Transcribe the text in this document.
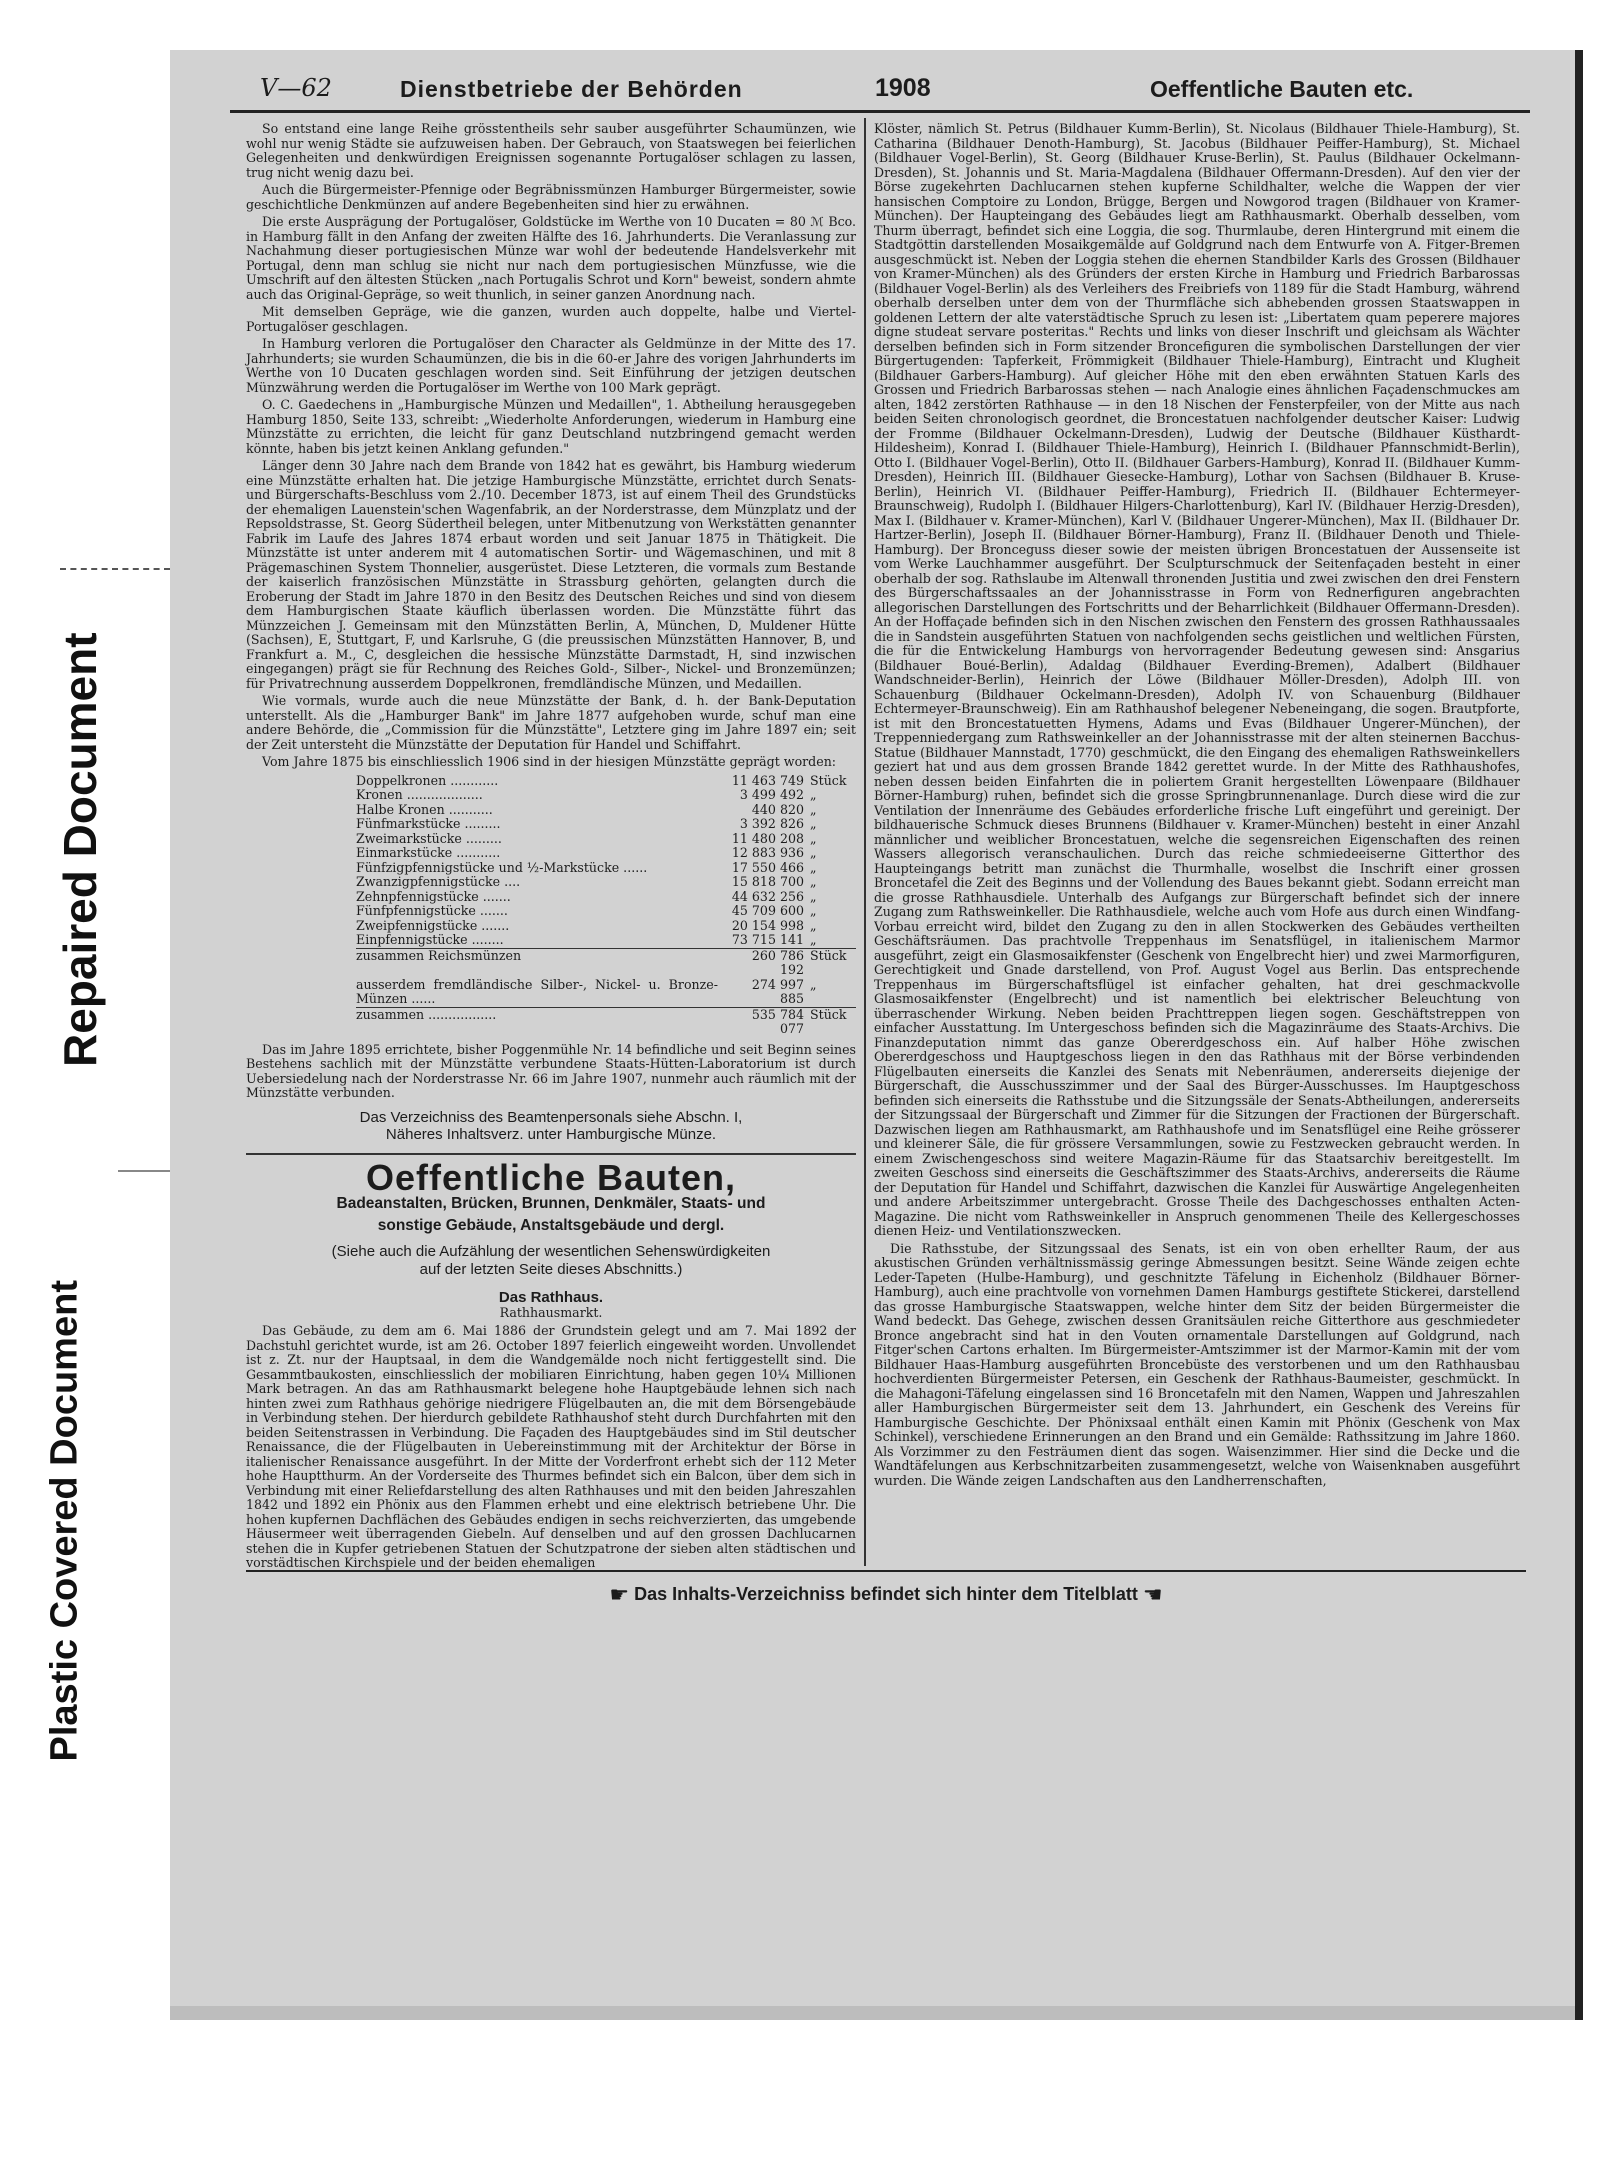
Repaired Document
Plastic Covered Document
V—62	Dienstbetriebe der Behörden	1908	Oeffentliche Bauten etc.

So entstand eine lange Reihe grösstentheils sehr sauber ausgeführter Schaumünzen, wie wohl nur wenig Städte sie aufzuweisen haben. Der Gebrauch, von Staatswegen bei feierlichen Gelegenheiten und denkwürdigen Ereignissen sogenannte Portugalöser schlagen zu lassen, trug nicht wenig dazu bei.

Auch die Bürgermeister-Pfennige oder Begräbnissmünzen Hamburger Bürgermeister, sowie geschichtliche Denkmünzen auf andere Begebenheiten sind hier zu erwähnen.

Die erste Ausprägung der Portugalöser, Goldstücke im Werthe von 10 Ducaten = 80 ℳ Bco. in Hamburg fällt in den Anfang der zweiten Hälfte des 16. Jahrhunderts. Die Veranlassung zur Nachahmung dieser portugiesischen Münze war wohl der bedeutende Handelsverkehr mit Portugal, denn man schlug sie nicht nur nach dem portugiesischen Münzfusse, wie die Umschrift auf den ältesten Stücken „nach Portugalis Schrot und Korn" beweist, sondern ahmte auch das Original-Gepräge, so weit thunlich, in seiner ganzen Anordnung nach.

Mit demselben Gepräge, wie die ganzen, wurden auch doppelte, halbe und Viertel-Portugalöser geschlagen.

In Hamburg verloren die Portugalöser den Character als Geldmünze in der Mitte des 17. Jahrhunderts; sie wurden Schaumünzen, die bis in die 60-er Jahre des vorigen Jahrhunderts im Werthe von 10 Ducaten geschlagen worden sind. Seit Einführung der jetzigen deutschen Münzwährung werden die Portugalöser im Werthe von 100 Mark geprägt.

O. C. Gaedechens in „Hamburgische Münzen und Medaillen", 1. Abtheilung herausgegeben Hamburg 1850, Seite 133, schreibt: „Wiederholte Anforderungen, wiederum in Hamburg eine Münzstätte zu errichten, die leicht für ganz Deutschland nutzbringend gemacht werden könnte, haben bis jetzt keinen Anklang gefunden."

Länger denn 30 Jahre nach dem Brande von 1842 hat es gewährt, bis Hamburg wiederum eine Münzstätte erhalten hat. Die jetzige Hamburgische Münzstätte, errichtet durch Senats- und Bürgerschafts-Beschluss vom 2./10. December 1873, ist auf einem Theil des Grundstücks der ehemaligen Lauenstein'schen Wagenfabrik, an der Norderstrasse, dem Münzplatz und der Repsoldstrasse, St. Georg Südertheil belegen, unter Mitbenutzung von Werkstätten genannter Fabrik im Laufe des Jahres 1874 erbaut worden und seit Januar 1875 in Thätigkeit. Die Münzstätte ist unter anderem mit 4 automatischen Sortir- und Wägemaschinen, und mit 8 Prägemaschinen System Thonnelier, ausgerüstet. Diese Letzteren, die vormals zum Bestande der kaiserlich französischen Münzstätte in Strassburg gehörten, gelangten durch die Eroberung der Stadt im Jahre 1870 in den Besitz des Deutschen Reiches und sind von diesem dem Hamburgischen Staate käuflich überlassen worden. Die Münzstätte führt das Münzzeichen J. Gemeinsam mit den Münzstätten Berlin, A, München, D, Muldener Hütte (Sachsen), E, Stuttgart, F, und Karlsruhe, G (die preussischen Münzstätten Hannover, B, und Frankfurt a. M., C, desgleichen die hessische Münzstätte Darmstadt, H, sind inzwischen eingegangen) prägt sie für Rechnung des Reiches Gold-, Silber-, Nickel- und Bronzemünzen; für Privatrechnung ausserdem Doppelkronen, fremdländische Münzen, und Medaillen.

Wie vormals, wurde auch die neue Münzstätte der Bank, d. h. der Bank-Deputation unterstellt. Als die „Hamburger Bank" im Jahre 1877 aufgehoben wurde, schuf man eine andere Behörde, die „Commission für die Münzstätte", Letztere ging im Jahre 1897 ein; seit der Zeit untersteht die Münzstätte der Deputation für Handel und Schiffahrt.

Vom Jahre 1875 bis einschliesslich 1906 sind in der hiesigen Münzstätte geprägt worden:

Doppelkronen ............	11 463 749	Stück
Kronen ...................	3 499 492	„
Halbe Kronen ...........	440 820	„
Fünfmarkstücke .........	3 392 826	„
Zweimarkstücke .........	11 480 208	„
Einmarkstücke ...........	12 883 936	„
Fünfzigpfennigstücke und ½-Markstücke ......	17 550 466	„
Zwanzigpfennigstücke ....	15 818 700	„
Zehnpfennigstücke .......	44 632 256	„
Fünfpfennigstücke .......	45 709 600	„
Zweipfennigstücke .......	20 154 998	„
Einpfennigstücke ........	73 715 141	„
zusammen Reichsmünzen	260 786 192	Stück
ausserdem fremdländische Silber-, Nickel- u. Bronze-Münzen ......	274 997 885	„
zusammen .................	535 784 077	Stück

Das im Jahre 1895 errichtete, bisher Poggenmühle Nr. 14 befindliche und seit Beginn seines Bestehens sachlich mit der Münzstätte verbundene Staats-Hütten-Laboratorium ist durch Uebersiedelung nach der Norderstrasse Nr. 66 im Jahre 1907, nunmehr auch räumlich mit der Münzstätte verbunden.

Das Verzeichniss des Beamtenpersonals siehe Abschn. I,
Näheres Inhaltsverz. unter Hamburgische Münze.
Oeffentliche Bauten,
Badeanstalten, Brücken, Brunnen, Denkmäler, Staats- und
sonstige Gebäude, Anstaltsgebäude und dergl.
(Siehe auch die Aufzählung der wesentlichen Sehenswürdigkeiten
auf der letzten Seite dieses Abschnitts.)
Das Rathhaus.
Rathhausmarkt.

Das Gebäude, zu dem am 6. Mai 1886 der Grundstein gelegt und am 7. Mai 1892 der Dachstuhl gerichtet wurde, ist am 26. October 1897 feierlich eingeweiht worden. Unvollendet ist z. Zt. nur der Hauptsaal, in dem die Wandgemälde noch nicht fertiggestellt sind. Die Gesammtbaukosten, einschliesslich der mobiliaren Einrichtung, haben gegen 10¼ Millionen Mark betragen. An das am Rathhausmarkt belegene hohe Hauptgebäude lehnen sich nach hinten zwei zum Rathhaus gehörige niedrigere Flügelbauten an, die mit dem Börsengebäude in Verbindung stehen. Der hierdurch gebildete Rathhaushof steht durch Durchfahrten mit den beiden Seitenstrassen in Verbindung. Die Façaden des Hauptgebäudes sind im Stil deutscher Renaissance, die der Flügelbauten in Uebereinstimmung mit der Architektur der Börse in italienischer Renaissance ausgeführt. In der Mitte der Vorderfront erhebt sich der 112 Meter hohe Hauptthurm. An der Vorderseite des Thurmes befindet sich ein Balcon, über dem sich in Verbindung mit einer Reliefdarstellung des alten Rathhauses und mit den beiden Jahreszahlen 1842 und 1892 ein Phönix aus den Flammen erhebt und eine elektrisch betriebene Uhr. Die hohen kupfernen Dachflächen des Gebäudes endigen in sechs reichverzierten, das umgebende Häusermeer weit überragenden Giebeln. Auf denselben und auf den grossen Dachlucarnen stehen die in Kupfer getriebenen Statuen der Schutzpatrone der sieben alten städtischen und vorstädtischen Kirchspiele und der beiden ehemaligen

Klöster, nämlich St. Petrus (Bildhauer Kumm-Berlin), St. Nicolaus (Bildhauer Thiele-Hamburg), St. Catharina (Bildhauer Denoth-Hamburg), St. Jacobus (Bildhauer Peiffer-Hamburg), St. Michael (Bildhauer Vogel-Berlin), St. Georg (Bildhauer Kruse-Berlin), St. Paulus (Bildhauer Ockelmann-Dresden), St. Johannis und St. Maria-Magdalena (Bildhauer Offermann-Dresden). Auf den vier der Börse zugekehrten Dachlucarnen stehen kupferne Schildhalter, welche die Wappen der vier hansischen Comptoire zu London, Brügge, Bergen und Nowgorod tragen (Bildhauer von Kramer-München). Der Haupteingang des Gebäudes liegt am Rathhausmarkt. Oberhalb desselben, vom Thurm überragt, befindet sich eine Loggia, die sog. Thurmlaube, deren Hintergrund mit einem die Stadtgöttin darstellenden Mosaikgemälde auf Goldgrund nach dem Entwurfe von A. Fitger-Bremen ausgeschmückt ist. Neben der Loggia stehen die ehernen Standbilder Karls des Grossen (Bildhauer von Kramer-München) als des Gründers der ersten Kirche in Hamburg und Friedrich Barbarossas (Bildhauer Vogel-Berlin) als des Verleihers des Freibriefs von 1189 für die Stadt Hamburg, während oberhalb derselben unter dem von der Thurmfläche sich abhebenden grossen Staatswappen in goldenen Lettern der alte vaterstädtische Spruch zu lesen ist: „Libertatem quam peperere majores digne studeat servare posteritas." Rechts und links von dieser Inschrift und gleichsam als Wächter derselben befinden sich in Form sitzender Broncefiguren die symbolischen Darstellungen der vier Bürgertugenden: Tapferkeit, Frömmigkeit (Bildhauer Thiele-Hamburg), Eintracht und Klugheit (Bildhauer Garbers-Hamburg). Auf gleicher Höhe mit den eben erwähnten Statuen Karls des Grossen und Friedrich Barbarossas stehen — nach Analogie eines ähnlichen Façadenschmuckes am alten, 1842 zerstörten Rathhause — in den 18 Nischen der Fensterpfeiler, von der Mitte aus nach beiden Seiten chronologisch geordnet, die Broncestatuen nachfolgender deutscher Kaiser: Ludwig der Fromme (Bildhauer Ockelmann-Dresden), Ludwig der Deutsche (Bildhauer Küsthardt-Hildesheim), Konrad I. (Bildhauer Thiele-Hamburg), Heinrich I. (Bildhauer Pfannschmidt-Berlin), Otto I. (Bildhauer Vogel-Berlin), Otto II. (Bildhauer Garbers-Hamburg), Konrad II. (Bildhauer Kumm-Dresden), Heinrich III. (Bildhauer Giesecke-Hamburg), Lothar von Sachsen (Bildhauer B. Kruse-Berlin), Heinrich VI. (Bildhauer Peiffer-Hamburg), Friedrich II. (Bildhauer Echtermeyer-Braunschweig), Rudolph I. (Bildhauer Hilgers-Charlottenburg), Karl IV. (Bildhauer Herzig-Dresden), Max I. (Bildhauer v. Kramer-München), Karl V. (Bildhauer Ungerer-München), Max II. (Bildhauer Dr. Hartzer-Berlin), Joseph II. (Bildhauer Börner-Hamburg), Franz II. (Bildhauer Denoth und Thiele-Hamburg). Der Bronceguss dieser sowie der meisten übrigen Broncestatuen der Aussenseite ist vom Werke Lauchhammer ausgeführt. Der Sculpturschmuck der Seitenfaçaden besteht in einer oberhalb der sog. Rathslaube im Altenwall thronenden Justitia und zwei zwischen den drei Fenstern des Bürgerschaftssaales an der Johannisstrasse in Form von Rednerfiguren angebrachten allegorischen Darstellungen des Fortschritts und der Beharrlichkeit (Bildhauer Offermann-Dresden). An der Hoffaçade befinden sich in den Nischen zwischen den Fenstern des grossen Rathhaussaales die in Sandstein ausgeführten Statuen von nachfolgenden sechs geistlichen und weltlichen Fürsten, die für die Entwickelung Hamburgs von hervorragender Bedeutung gewesen sind: Ansgarius (Bildhauer Boué-Berlin), Adaldag (Bildhauer Everding-Bremen), Adalbert (Bildhauer Wandschneider-Berlin), Heinrich der Löwe (Bildhauer Möller-Dresden), Adolph III. von Schauenburg (Bildhauer Ockelmann-Dresden), Adolph IV. von Schauenburg (Bildhauer Echtermeyer-Braunschweig). Ein am Rathhaushof belegener Nebeneingang, die sogen. Brautpforte, ist mit den Broncestatuetten Hymens, Adams und Evas (Bildhauer Ungerer-München), der Treppenniedergang zum Rathsweinkeller an der Johannisstrasse mit der alten steinernen Bacchus-Statue (Bildhauer Mannstadt, 1770) geschmückt, die den Eingang des ehemaligen Rathsweinkellers geziert hat und aus dem grossen Brande 1842 gerettet wurde. In der Mitte des Rathhaushofes, neben dessen beiden Einfahrten die in poliertem Granit hergestellten Löwenpaare (Bildhauer Börner-Hamburg) ruhen, befindet sich die grosse Springbrunnenanlage. Durch diese wird die zur Ventilation der Innenräume des Gebäudes erforderliche frische Luft eingeführt und gereinigt. Der bildhauerische Schmuck dieses Brunnens (Bildhauer v. Kramer-München) besteht in einer Anzahl männlicher und weiblicher Broncestatuen, welche die segensreichen Eigenschaften des reinen Wassers allegorisch veranschaulichen. Durch das reiche schmiedeeiserne Gitterthor des Haupteingangs betritt man zunächst die Thurmhalle, woselbst die Inschrift einer grossen Broncetafel die Zeit des Beginns und der Vollendung des Baues bekannt giebt. Sodann erreicht man die grosse Rathhausdiele. Unterhalb des Aufgangs zur Bürgerschaft befindet sich der innere Zugang zum Rathsweinkeller. Die Rathhausdiele, welche auch vom Hofe aus durch einen Windfang-Vorbau erreicht wird, bildet den Zugang zu den in allen Stockwerken des Gebäudes vertheilten Geschäftsräumen. Das prachtvolle Treppenhaus im Senatsflügel, in italienischem Marmor ausgeführt, zeigt ein Glasmosaikfenster (Geschenk von Engelbrecht hier) und zwei Marmorfiguren, Gerechtigkeit und Gnade darstellend, von Prof. August Vogel aus Berlin. Das entsprechende Treppenhaus im Bürgerschaftsflügel ist einfacher gehalten, hat drei geschmackvolle Glasmosaikfenster (Engelbrecht) und ist namentlich bei elektrischer Beleuchtung von überraschender Wirkung. Neben beiden Prachttreppen liegen sogen. Geschäftstreppen von einfacher Ausstattung. Im Untergeschoss befinden sich die Magazinräume des Staats-Archivs. Die Finanzdeputation nimmt das ganze Obererdgeschoss ein. Auf halber Höhe zwischen Obererdgeschoss und Hauptgeschoss liegen in den das Rathhaus mit der Börse verbindenden Flügelbauten einerseits die Kanzlei des Senats mit Nebenräumen, andererseits diejenige der Bürgerschaft, die Ausschusszimmer und der Saal des Bürger-Ausschusses. Im Hauptgeschoss befinden sich einerseits die Rathsstube und die Sitzungssäle der Senats-Abtheilungen, andererseits der Sitzungssaal der Bürgerschaft und Zimmer für die Sitzungen der Fractionen der Bürgerschaft. Dazwischen liegen am Rathhausmarkt, am Rathhaushofe und im Senatsflügel eine Reihe grösserer und kleinerer Säle, die für grössere Versammlungen, sowie zu Festzwecken gebraucht werden. In einem Zwischengeschoss sind weitere Magazin-Räume für das Staatsarchiv bereitgestellt. Im zweiten Geschoss sind einerseits die Geschäftszimmer des Staats-Archivs, andererseits die Räume der Deputation für Handel und Schiffahrt, dazwischen die Kanzlei für Auswärtige Angelegenheiten und andere Arbeitszimmer untergebracht. Grosse Theile des Dachgeschosses enthalten Acten-Magazine. Die nicht vom Rathsweinkeller in Anspruch genommenen Theile des Kellergeschosses dienen Heiz- und Ventilationszwecken.

Die Rathsstube, der Sitzungssaal des Senats, ist ein von oben erhellter Raum, der aus akustischen Gründen verhältnissmässig geringe Abmessungen besitzt. Seine Wände zeigen echte Leder-Tapeten (Hulbe-Hamburg), und geschnitzte Täfelung in Eichenholz (Bildhauer Börner-Hamburg), auch eine prachtvolle von vornehmen Damen Hamburgs gestiftete Stickerei, darstellend das grosse Hamburgische Staatswappen, welche hinter dem Sitz der beiden Bürgermeister die Wand bedeckt. Das Gehege, zwischen dessen Granitsäulen reiche Gitterthore aus geschmiedeter Bronce angebracht sind hat in den Vouten ornamentale Darstellungen auf Goldgrund, nach Fitger'schen Cartons erhalten. Im Bürgermeister-Amtszimmer ist der Marmor-Kamin mit der vom Bildhauer Haas-Hamburg ausgeführten Broncebüste des verstorbenen und um den Rathhausbau hochverdienten Bürgermeister Petersen, ein Geschenk der Rathhaus-Baumeister, geschmückt. In die Mahagoni-Täfelung eingelassen sind 16 Broncetafeln mit den Namen, Wappen und Jahreszahlen aller Hamburgischen Bürgermeister seit dem 13. Jahrhundert, ein Geschenk des Vereins für Hamburgische Geschichte. Der Phönixsaal enthält einen Kamin mit Phönix (Geschenk von Max Schinkel), verschiedene Erinnerungen an den Brand und ein Gemälde: Rathssitzung im Jahre 1860. Als Vorzimmer zu den Festräumen dient das sogen. Waisenzimmer. Hier sind die Decke und die Wandtäfelungen aus Kerbschnitzarbeiten zusammengesetzt, welche von Waisenknaben ausgeführt wurden. Die Wände zeigen Landschaften aus den Landherrenschaften,

☛ Das Inhalts-Verzeichniss befindet sich hinter dem Titelblatt ☚
